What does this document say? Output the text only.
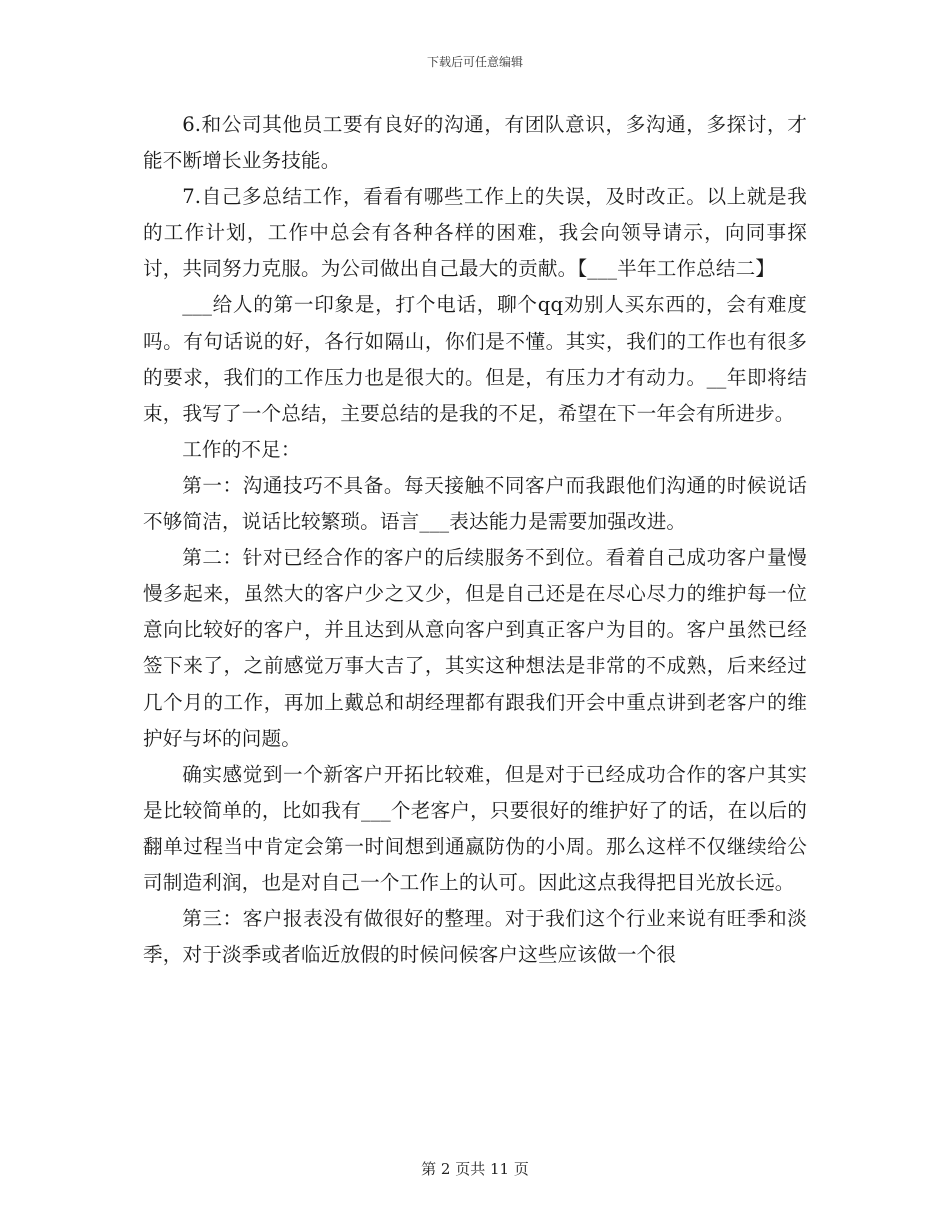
下载后可任意编辑

6.和公司其他员工要有良好的沟通，有团队意识，多沟通，多探讨，才能不断增长业务技能。

7.自己多总结工作，看看有哪些工作上的失误，及时改正。以上就是我的工作计划，工作中总会有各种各样的困难，我会向领导请示，向同事探讨，共同努力克服。为公司做出自己最大的贡献。【___半年工作总结二】

___给人的第一印象是，打个电话，聊个qq劝别人买东西的，会有难度吗。有句话说的好，各行如隔山，你们是不懂。其实，我们的工作也有很多的要求，我们的工作压力也是很大的。但是，有压力才有动力。__年即将结束，我写了一个总结，主要总结的是我的不足，希望在下一年会有所进步。

工作的不足：

第一：沟通技巧不具备。每天接触不同客户而我跟他们沟通的时候说话不够简洁，说话比较繁琐。语言___表达能力是需要加强改进。

第二：针对已经合作的客户的后续服务不到位。看着自己成功客户量慢慢多起来，虽然大的客户少之又少，但是自己还是在尽心尽力的维护每一位意向比较好的客户，并且达到从意向客户到真正客户为目的。客户虽然已经签下来了，之前感觉万事大吉了，其实这种想法是非常的不成熟，后来经过几个月的工作，再加上戴总和胡经理都有跟我们开会中重点讲到老客户的维护好与坏的问题。

确实感觉到一个新客户开拓比较难，但是对于已经成功合作的客户其实是比较简单的，比如我有___个老客户，只要很好的维护好了的话，在以后的翻单过程当中肯定会第一时间想到通嬴防伪的小周。那么这样不仅继续给公司制造利润，也是对自己一个工作上的认可。因此这点我得把目光放长远。

第三：客户报表没有做很好的整理。对于我们这个行业来说有旺季和淡季，对于淡季或者临近放假的时候问候客户这些应该做一个很

第 2 页共 11 页
